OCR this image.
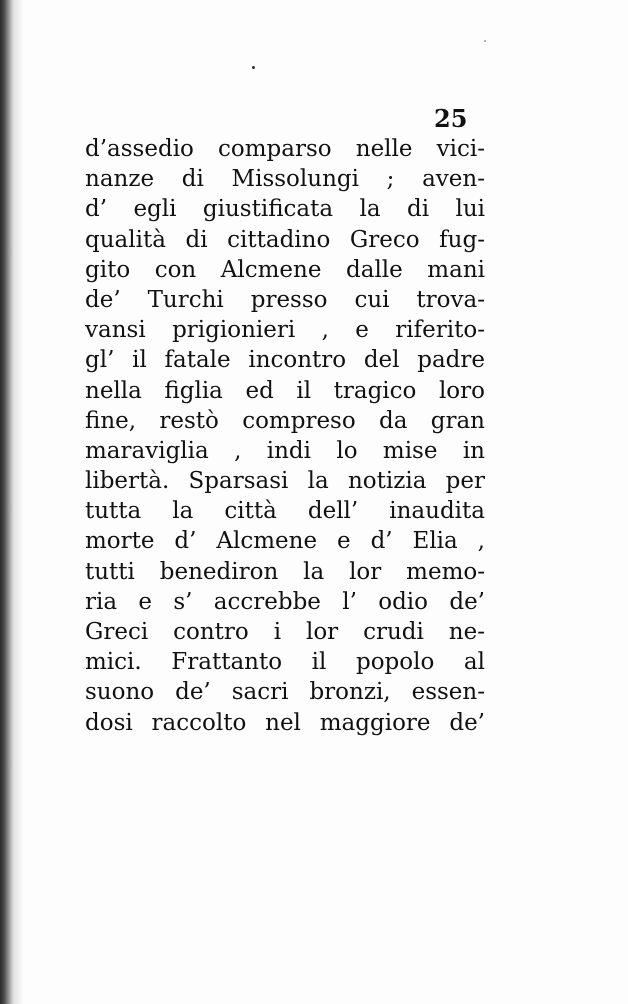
25
d’assedio comparso nelle vici-
nanze di Missolungi ; aven-
d’ egli giustificata la di lui
qualità di cittadino Greco fug-
gito con Alcmene dalle mani
de’ Turchi presso cui trova-
vansi prigionieri , e riferito-
gl’ il fatale incontro del padre
nella figlia ed il tragico loro
fine, restò compreso da gran
maraviglia , indi lo mise in
libertà. Sparsasi la notizia per
tutta la città dell’ inaudita
morte d’ Alcmene e d’ Elia ,
tutti benediron la lor memo-
ria e s’ accrebbe l’ odio de’
Greci contro i lor crudi ne-
mici. Frattanto il popolo al
suono de’ sacri bronzi, essen-
dosi raccolto nel maggiore de’
